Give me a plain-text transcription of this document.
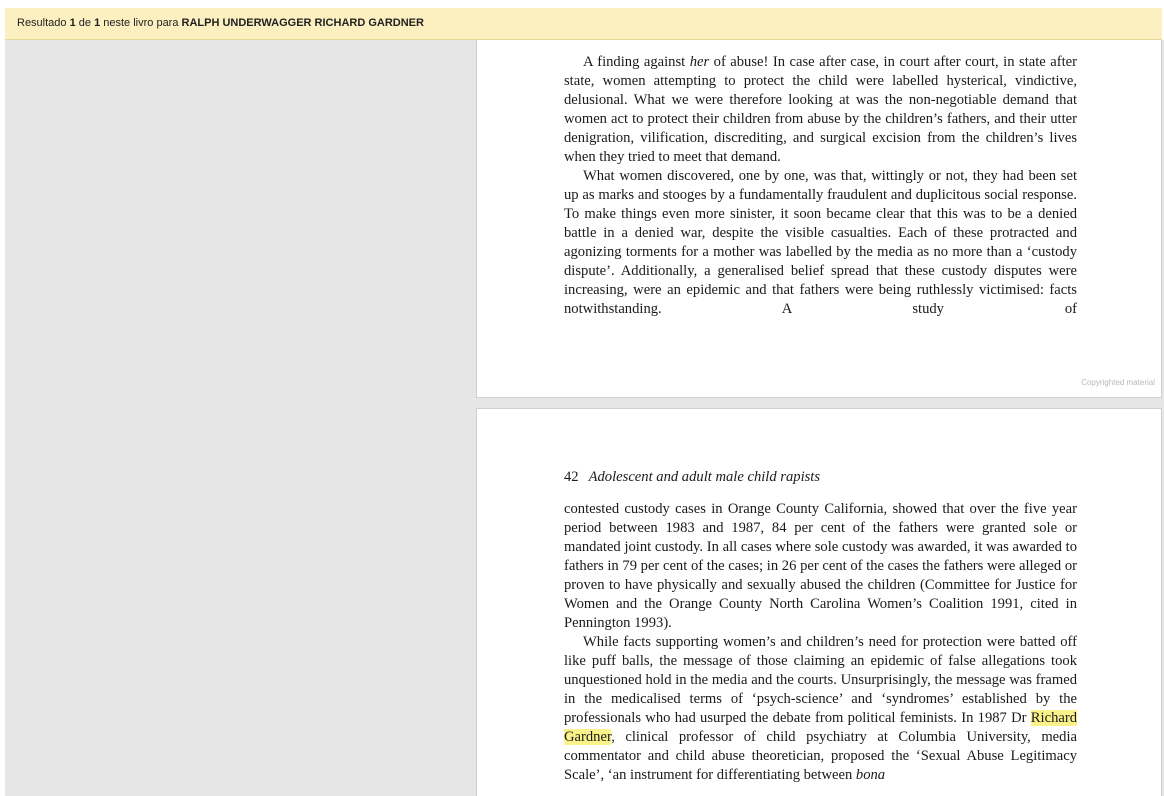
Resultado 1 de 1 neste livro para RALPH UNDERWAGGER RICHARD GARDNER

A finding against her of abuse! In case after case, in court after court, in state after state, women attempting to protect the child were labelled hysterical, vindictive, delusional. What we were therefore looking at was the non-negotiable demand that women act to protect their children from abuse by the children’s fathers, and their utter denigration, vilification, discrediting, and surgical excision from the children’s lives when they tried to meet that demand.

What women discovered, one by one, was that, wittingly or not, they had been set up as marks and stooges by a fundamentally fraudulent and duplicitous social response. To make things even more sinister, it soon became clear that this was to be a denied battle in a denied war, despite the visible casualties. Each of these protracted and agonizing torments for a mother was labelled by the media as no more than a ‘custody dispute’. Additionally, a generalised belief spread that these custody disputes were increasing, were an epidemic and that fathers were being ruthlessly victimised: facts notwithstanding. A study of

Copyrighted material
42 Adolescent and adult male child rapists

contested custody cases in Orange County California, showed that over the five year period between 1983 and 1987, 84 per cent of the fathers were granted sole or mandated joint custody. In all cases where sole custody was awarded, it was awarded to fathers in 79 per cent of the cases; in 26 per cent of the cases the fathers were alleged or proven to have physically and sexually abused the children (Committee for Justice for Women and the Orange County North Carolina Women’s Coalition 1991, cited in Pennington 1993).

While facts supporting women’s and children’s need for protection were batted off like puff balls, the message of those claiming an epidemic of false allegations took unquestioned hold in the media and the courts. Unsurprisingly, the message was framed in the medicalised terms of ‘psych-science’ and ‘syndromes’ established by the professionals who had usurped the debate from political feminists. In 1987 Dr Richard Gardner, clinical professor of child psychiatry at Columbia University, media commentator and child abuse theoretician, proposed the ‘Sexual Abuse Legitimacy Scale’, ‘an instrument for differentiating between bona
